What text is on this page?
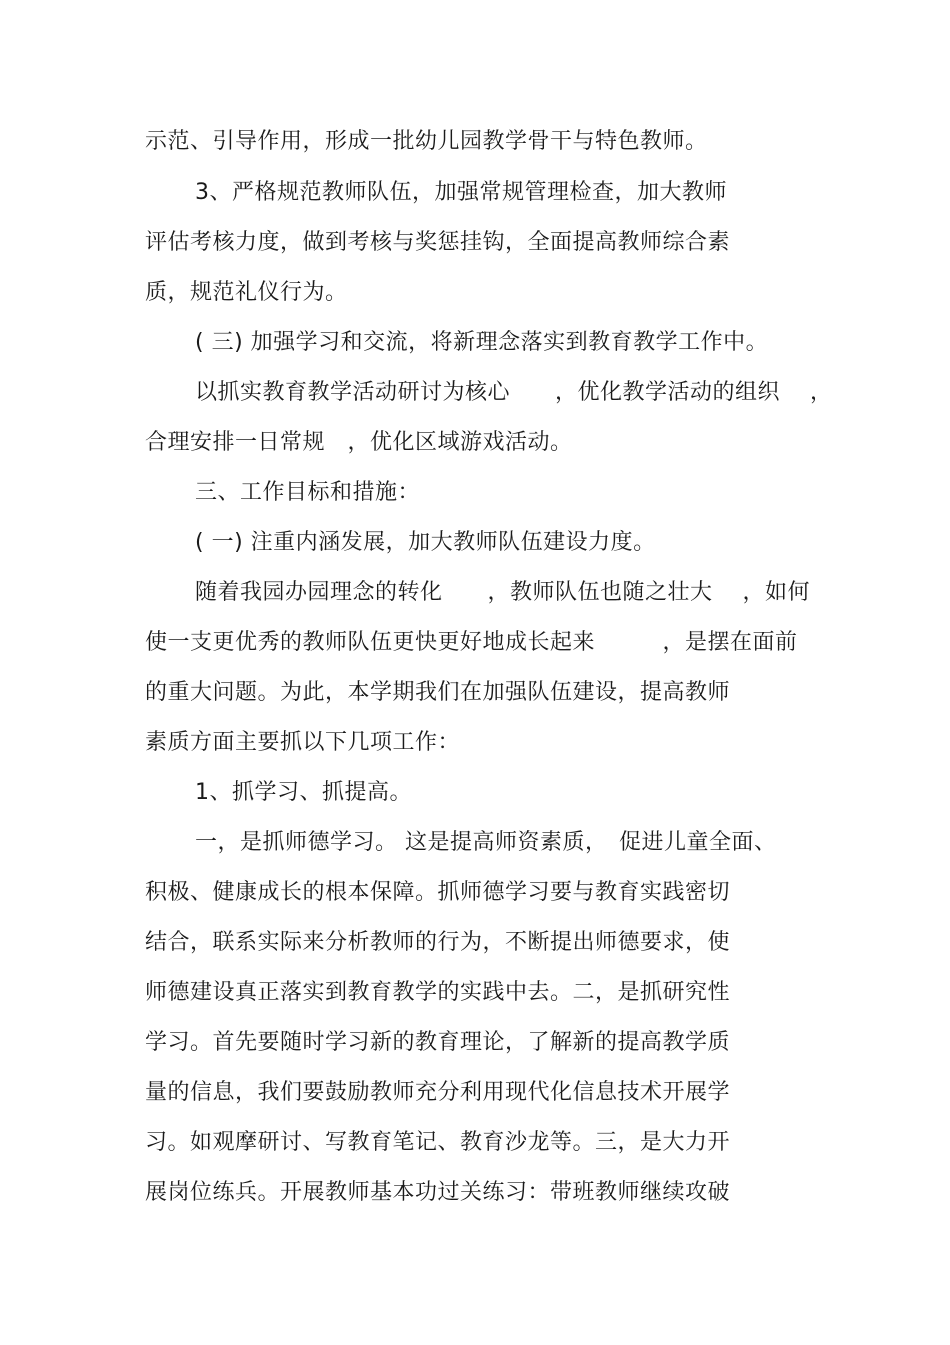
示范、引导作用，形成一批幼儿园教学骨干与特色教师。
3、严格规范教师队伍，加强常规管理检查，加大教师
评估考核力度，做到考核与奖惩挂钩，全面提高教师综合素
质，规范礼仪行为。
( 三) 加强学习和交流，将新理念落实到教育教学工作中。
以抓实教育教学活动研讨为核心　　，优化教学活动的组织　 ，
合理安排一日常规　，优化区域游戏活动。
三、工作目标和措施：
( 一) 注重内涵发展，加大教师队伍建设力度。
随着我园办园理念的转化　　，教师队伍也随之壮大　 ，如何
使一支更优秀的教师队伍更快更好地成长起来　　　，是摆在面前
的重大问题。为此，本学期我们在加强队伍建设，提高教师
素质方面主要抓以下几项工作：
1、抓学习、抓提高。
一，是抓师德学习。 这是提高师资素质，　促进儿童全面、
积极、健康成长的根本保障。抓师德学习要与教育实践密切
结合，联系实际来分析教师的行为，不断提出师德要求，使
师德建设真正落实到教育教学的实践中去。二，是抓研究性
学习。首先要随时学习新的教育理论，了解新的提高教学质
量的信息，我们要鼓励教师充分利用现代化信息技术开展学
习。如观摩研讨、写教育笔记、教育沙龙等。三，是大力开
展岗位练兵。开展教师基本功过关练习：带班教师继续攻破
